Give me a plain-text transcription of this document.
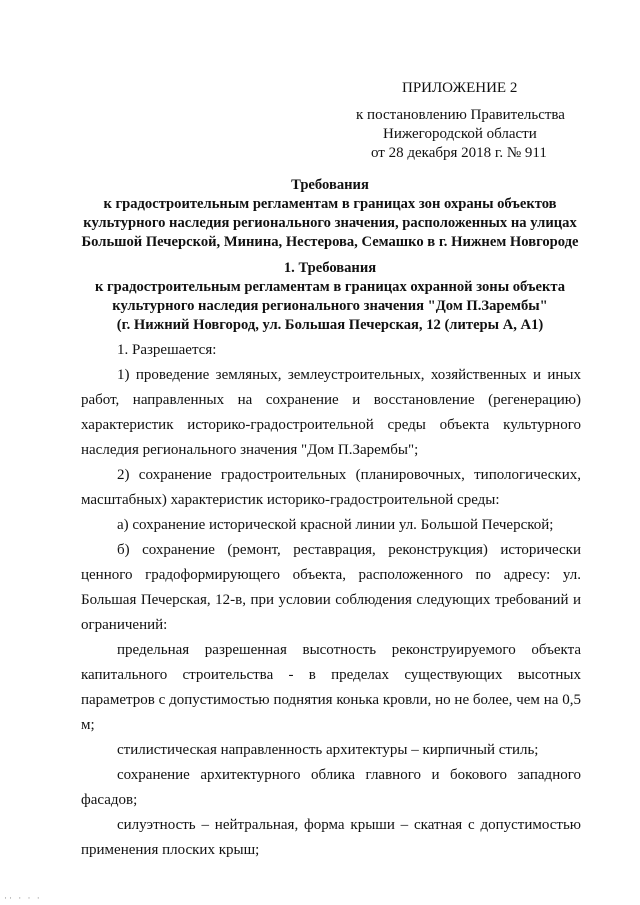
ПРИЛОЖЕНИЕ 2
к постановлению Правительства
Нижегородской области
от 28 декабря 2018 г. № 911
Требования
к градостроительным регламентам в границах зон охраны объектов
культурного наследия регионального значения, расположенных на улицах
Большой Печерской, Минина, Нестерова, Семашко в г. Нижнем Новгороде
1. Требования
к градостроительным регламентам в границах охранной зоны объекта
культурного наследия регионального значения "Дом П.Зарембы"
(г. Нижний Новгород, ул. Большая Печерская, 12 (литеры А, А1)

1. Разрешается:

1) проведение земляных, землеустроительных, хозяйственных и иных работ, направленных на сохранение и восстановление (регенерацию) характеристик историко-градостроительной среды объекта культурного наследия регионального значения "Дом П.Зарембы";

2) сохранение градостроительных (планировочных, типологических, масштабных) характеристик историко-градостроительной среды:

а) сохранение исторической красной линии ул. Большой Печерской;

б) сохранение (ремонт, реставрация, реконструкция) исторически ценного градоформирующего объекта, расположенного по адресу: ул. Большая Печерская, 12-в, при условии соблюдения следующих требований и ограничений:

предельная разрешенная высотность реконструируемого объекта капитального строительства - в пределах существующих высотных параметров с допустимостью поднятия конька кровли, но не более, чем на 0,5 м;

стилистическая направленность архитектуры – кирпичный стиль;

сохранение архитектурного облика главного и бокового западного фасадов;

силуэтность – нейтральная, форма крыши – скатная с допустимостью применения плоских крыш;

·· · · ·
